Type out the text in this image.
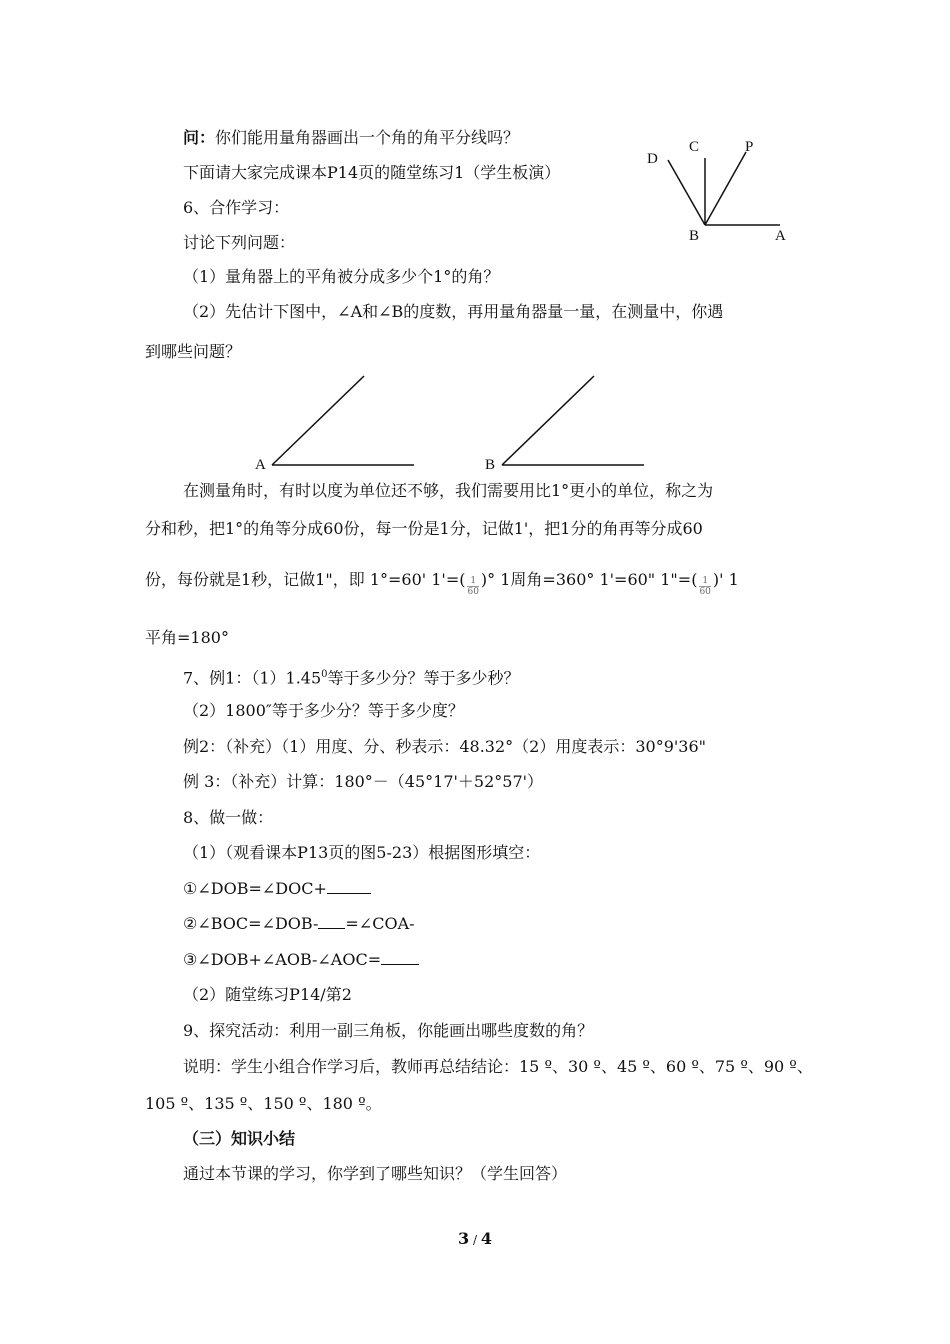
问：你们能用量角器画出一个角的角平分线吗？
下面请大家完成课本P14页的随堂练习1（学生板演）
6、合作学习：
讨论下列问题：
（1）量角器上的平角被分成多少个1°的角？
（2）先估计下图中，∠A和∠B的度数，再用量角器量一量，在测量中，你遇
到哪些问题？
D
C	P
B	A
A	B
在测量角时，有时以度为单位还不够，我们需要用比1°更小的单位，称之为
分和秒，把1°的角等分成60份，每一份是1分，记做1'，把1分的角再等分成60
份，每份就是1秒，记做1"，即 1°=60' $1'=( \frac{1}{60}$ )° 1周角=360° 1'=60" 1"=( $\frac{1}{60}$ )' 1
平角=180°
7、例1：（1）1.45$^0$等于多少分？等于多少秒？
（2）1800″等于多少分？等于多少度？
例2：（补充）（1）用度、分、秒表示：48.32°（2）用度表示：30°9'36"
例 3：（补充）计算：180°－（45°17'＋52°57'）
8、做一做：
（1）（观看课本P13页的图5-23）根据图形填空：
①∠DOB=∠DOC+
②∠BOC=∠DOB- =∠COA-
③∠DOB+∠AOB-∠AOC=
（2）随堂练习P14/第2
9、探究活动：利用一副三角板，你能画出哪些度数的角？
说明：学生小组合作学习后，教师再总结结论：15 º、30 º、45 º、60 º、75 º、90 º、
105 º、135 º、150 º、180 º。
（三）知识小结
通过本节课的学习，你学到了哪些知识？（学生回答）
3 / 4
